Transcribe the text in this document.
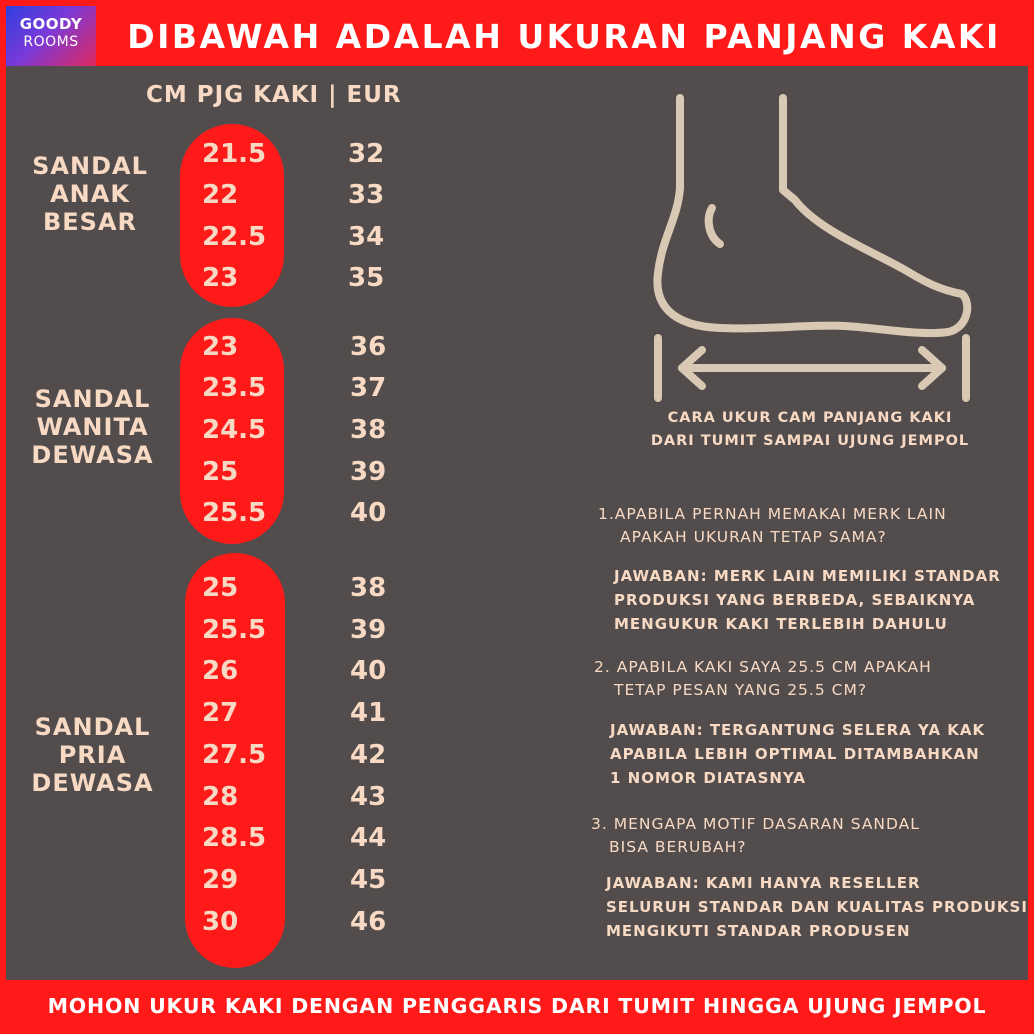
GOODY
ROOMS	DIBAWAH ADALAH UKURAN PANJANG KAKI
CM PJG KAKI | EUR
SANDAL
ANAK
BESAR
21.5	32
22	33
22.5	34
23	35
SANDAL
WANITA
DEWASA
23	36
23.5	37
24.5	38
25	39
25.5	40
SANDAL
PRIA
DEWASA
25	38
25.5	39
26	40
27	41
27.5	42
28	43
28.5	44
29	45
30	46
CARA UKUR CAM PANJANG KAKI
DARI TUMIT SAMPAI UJUNG JEMPOL
1.APABILA PERNAH MEMAKAI MERK LAIN
APAKAH UKURAN TETAP SAMA?
JAWABAN: MERK LAIN MEMILIKI STANDAR
PRODUKSI YANG BERBEDA, SEBAIKNYA
MENGUKUR KAKI TERLEBIH DAHULU
2. APABILA KAKI SAYA 25.5 CM APAKAH
TETAP PESAN YANG 25.5 CM?
JAWABAN: TERGANTUNG SELERA YA KAK
APABILA LEBIH OPTIMAL DITAMBAHKAN
1 NOMOR DIATASNYA
3. MENGAPA MOTIF DASARAN SANDAL
BISA BERUBAH?
JAWABAN: KAMI HANYA RESELLER
SELURUH STANDAR DAN KUALITAS PRODUKSI
MENGIKUTI STANDAR PRODUSEN
MOHON UKUR KAKI DENGAN PENGGARIS DARI TUMIT HINGGA UJUNG JEMPOL
